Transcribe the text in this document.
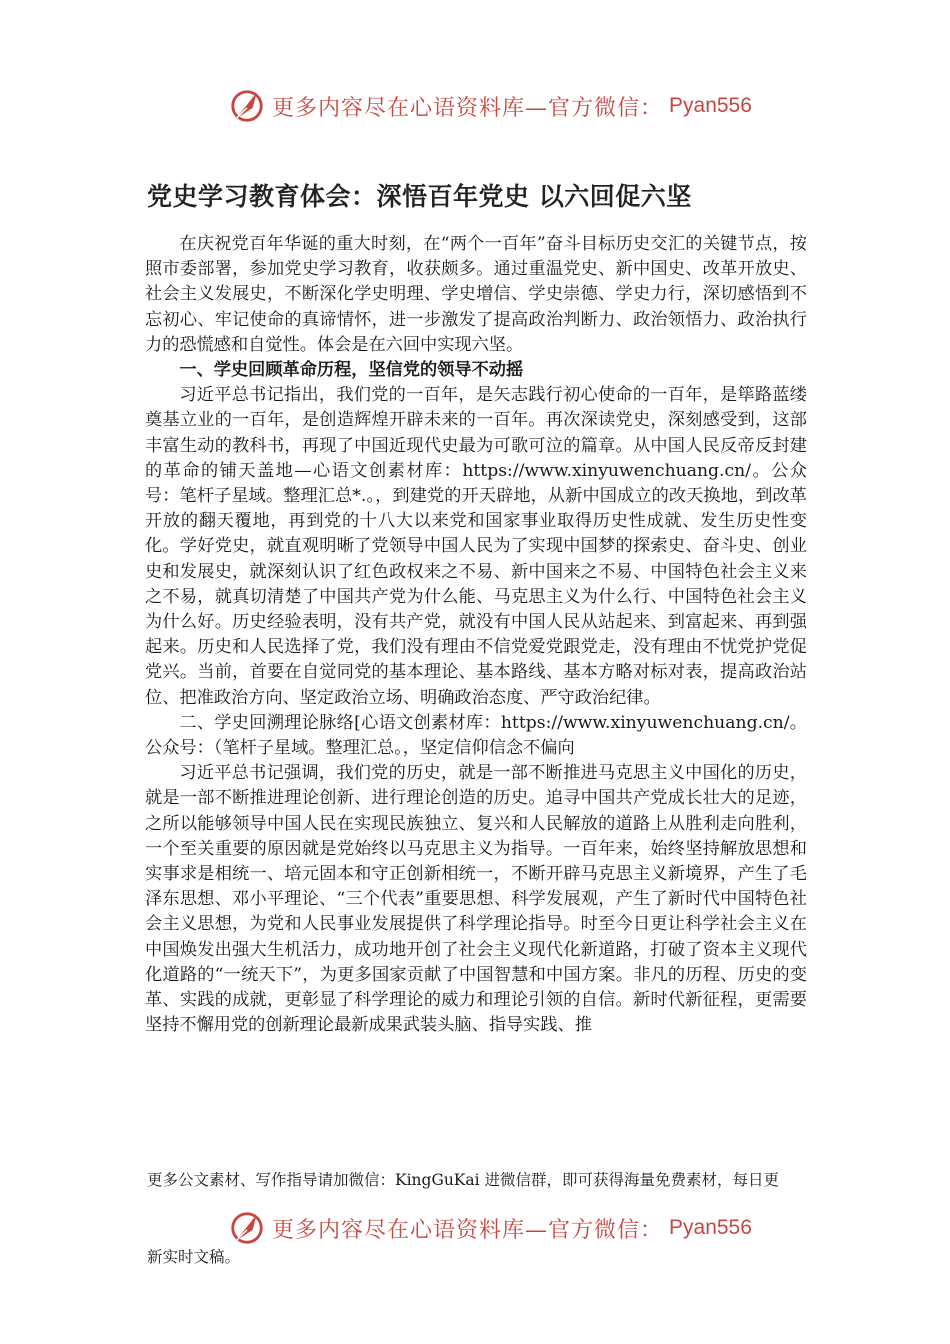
更多内容尽在心语资料库—官方微信： Pyan556
党史学习教育体会：深悟百年党史 以六回促六坚

在庆祝党百年华诞的重大时刻，在“两个一百年”奋斗目标历史交汇的关键节点，按照市委部署，参加党史学习教育，收获颇多。通过重温党史、新中国史、改革开放史、社会主义发展史，不断深化学史明理、学史增信、学史崇德、学史力行，深切感悟到不忘初心、牢记使命的真谛情怀，进一步激发了提高政治判断力、政治领悟力、政治执行力的恐慌感和自觉性。体会是在六回中实现六坚。

一、学史回顾革命历程，坚信党的领导不动摇

习近平总书记指出，我们党的一百年，是矢志践行初心使命的一百年，是筚路蓝缕奠基立业的一百年，是创造辉煌开辟未来的一百年。再次深读党史，深刻感受到，这部丰富生动的教科书，再现了中国近现代史最为可歌可泣的篇章。从中国人民反帝反封建的革命的铺天盖地—心语文创素材库：https://www.xinyuwenchuang.cn/。公众号：笔杆子星域。整理汇总*.。，到建党的开天辟地，从新中国成立的改天换地，到改革开放的翻天覆地，再到党的十八大以来党和国家事业取得历史性成就、发生历史性变化。学好党史，就直观明晰了党领导中国人民为了实现中国梦的探索史、奋斗史、创业史和发展史，就深刻认识了红色政权来之不易、新中国来之不易、中国特色社会主义来之不易，就真切清楚了中国共产党为什么能、马克思主义为什么行、中国特色社会主义为什么好。历史经验表明，没有共产党，就没有中国人民从站起来、到富起来、再到强起来。历史和人民选择了党，我们没有理由不信党爱党跟党走，没有理由不忧党护党促党兴。当前，首要在自觉同党的基本理论、基本路线、基本方略对标对表，提高政治站位、把准政治方向、坚定政治立场、明确政治态度、严守政治纪律。

二、学史回溯理论脉络[心语文创素材库：https://www.xinyuwenchuang.cn/。公众号：（笔杆子星域。整理汇总。，坚定信仰信念不偏向

习近平总书记强调，我们党的历史，就是一部不断推进马克思主义中国化的历史，就是一部不断推进理论创新、进行理论创造的历史。追寻中国共产党成长壮大的足迹，之所以能够领导中国人民在实现民族独立、复兴和人民解放的道路上从胜利走向胜利，一个至关重要的原因就是党始终以马克思主义为指导。一百年来，始终坚持解放思想和实事求是相统一、培元固本和守正创新相统一，不断开辟马克思主义新境界，产生了毛泽东思想、邓小平理论、“三个代表”重要思想、科学发展观，产生了新时代中国特色社会主义思想，为党和人民事业发展提供了科学理论指导。时至今日更让科学社会主义在中国焕发出强大生机活力，成功地开创了社会主义现代化新道路，打破了资本主义现代化道路的“一统天下”，为更多国家贡献了中国智慧和中国方案。非凡的历程、历史的变革、实践的成就，更彰显了科学理论的威力和理论引领的自信。新时代新征程，更需要坚持不懈用党的创新理论最新成果武装头脑、指导实践、推

更多公文素材、写作指导请加微信：KingGuKai 进微信群，即可获得海量免费素材，每日更
更多内容尽在心语资料库—官方微信： Pyan556
新实时文稿。
